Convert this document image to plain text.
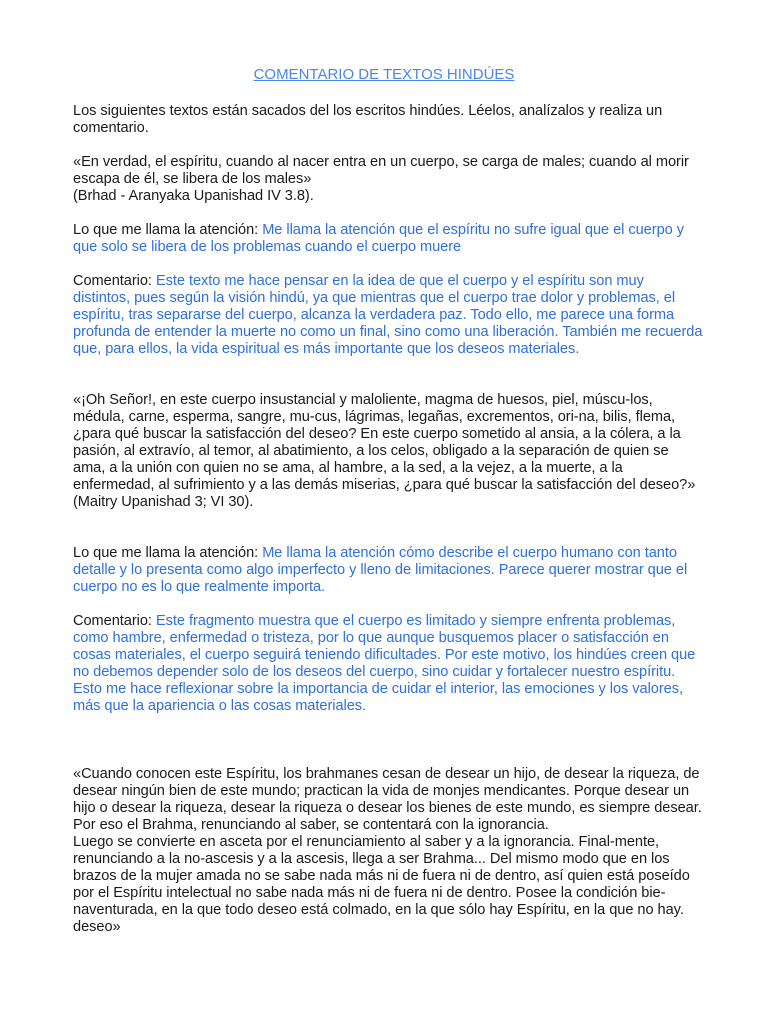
COMENTARIO DE TEXTOS HINDÚES

Los siguientes textos están sacados del los escritos hindúes. Léelos, analízalos y realiza un comentario.

«En verdad, el espíritu, cuando al nacer entra en un cuerpo, se carga de males; cuando al morir escapa de él, se libera de los males»
(Brhad - Aranyaka Upanishad IV 3.8).

Lo que me llama la atención: Me llama la atención que el espíritu no sufre igual que el cuerpo y que solo se libera de los problemas cuando el cuerpo muere

Comentario: Este texto me hace pensar en la idea de que el cuerpo y el espíritu son muy distintos, pues según la visión hindú, ya que mientras que el cuerpo trae dolor y problemas, el espíritu, tras separarse del cuerpo, alcanza la verdadera paz. Todo ello, me parece una forma profunda de entender la muerte no como un final, sino como una liberación. También me recuerda que, para ellos, la vida espiritual es más importante que los deseos materiales.

«¡Oh Señor!, en este cuerpo insustancial y maloliente, magma de huesos, piel, múscu-los, médula, carne, esperma, sangre, mu-cus, lágrimas, legañas, excrementos, ori-na, bilis, flema, ¿para qué buscar la satisfacción del deseo? En este cuerpo sometido al ansia, a la cólera, a la pasión, al extravío, al temor, al abatimiento, a los celos, obligado a la separación de quien se ama, a la unión con quien no se ama, al hambre, a la sed, a la vejez, a la muerte, a la enfermedad, al sufrimiento y a las demás miserias, ¿para qué buscar la satisfacción del deseo?»
(Maitry Upanishad 3; VI 30).

Lo que me llama la atención: Me llama la atención cómo describe el cuerpo humano con tanto detalle y lo presenta como algo imperfecto y lleno de limitaciones. Parece querer mostrar que el cuerpo no es lo que realmente importa.

Comentario: Este fragmento muestra que el cuerpo es limitado y siempre enfrenta problemas, como hambre, enfermedad o tristeza, por lo que aunque busquemos placer o satisfacción en cosas materiales, el cuerpo seguirá teniendo dificultades. Por este motivo, los hindúes creen que no debemos depender solo de los deseos del cuerpo, sino cuidar y fortalecer nuestro espíritu. Esto me hace reflexionar sobre la importancia de cuidar el interior, las emociones y los valores, más que la apariencia o las cosas materiales.

«Cuando conocen este Espíritu, los brahmanes cesan de desear un hijo, de desear la riqueza, de desear ningún bien de este mundo; practican la vida de monjes mendicantes. Porque desear un hijo o desear la riqueza, desear la riqueza o desear los bienes de este mundo, es siempre desear. Por eso el Brahma, renunciando al saber, se contentará con la ignorancia.
Luego se convierte en asceta por el renunciamiento al saber y a la ignorancia. Final-mente, renunciando a la no-ascesis y a la ascesis, llega a ser Brahma... Del mismo modo que en los brazos de la mujer amada no se sabe nada más ni de fuera ni de dentro, así quien está poseído por el Espíritu intelectual no sabe nada más ni de fuera ni de dentro. Posee la condición bie-naventurada, en la que todo deseo está colmado, en la que sólo hay Espíritu, en la que no hay. deseo»
